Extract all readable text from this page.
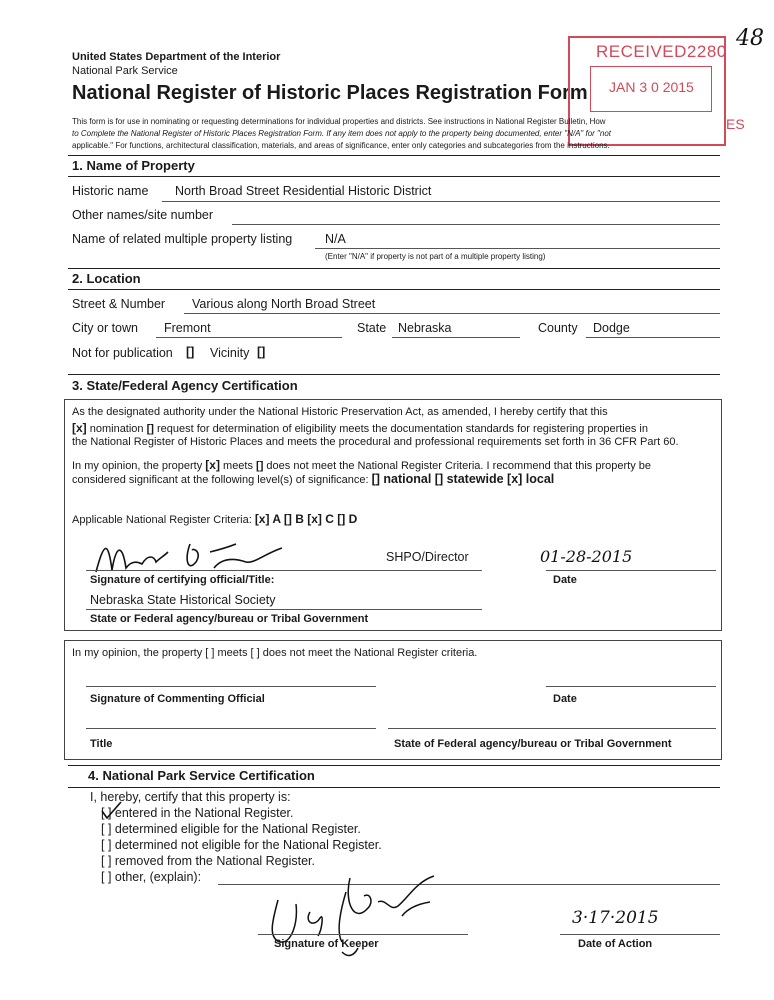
United States Department of the Interior
National Park Service
National Register of Historic Places Registration Form
48
RECEIVED2280
JAN 3 0 2015
ES
This form is for use in nominating or requesting determinations for individual properties and districts. See instructions in National Register Bulletin, How
to Complete the National Register of Historic Places Registration Form. If any item does not apply to the property being documented, enter "N/A" for "not
applicable." For functions, architectural classification, materials, and areas of significance, enter only categories and subcategories from the instructions.
1. Name of Property
Historic name North Broad Street Residential Historic District
Other names/site number
Name of related multiple property listing	N/A
(Enter "N/A" if property is not part of a multiple property listing)
2. Location
Street & Number Various along North Broad Street
City or town Fremont	State Nebraska	County Dodge
Not for publication [] Vicinity []
3. State/Federal Agency Certification
As the designated authority under the National Historic Preservation Act, as amended, I hereby certify that this
[x] nomination [] request for determination of eligibility meets the documentation standards for registering properties in
the National Register of Historic Places and meets the procedural and professional requirements set forth in 36 CFR Part 60.
In my opinion, the property [x] meets [] does not meet the National Register Criteria. I recommend that this property be
considered significant at the following level(s) of significance: [] national [] statewide [x] local
Applicable National Register Criteria: [x] A [] B [x] C [] D
SHPO/Director	01-28-2015
Signature of certifying official/Title:	Date
Nebraska State Historical Society
State or Federal agency/bureau or Tribal Government
In my opinion, the property [ ] meets [ ] does not meet the National Register criteria.
Signature of Commenting Official	Date
Title	State of Federal agency/bureau or Tribal Government
4. National Park Service Certification
I, hereby, certify that this property is:
[ ] entered in the National Register.
[ ] determined eligible for the National Register.
[ ] determined not eligible for the National Register.
[ ] removed from the National Register.
[ ] other, (explain):
3·17·2015
Signature of Keeper	Date of Action
